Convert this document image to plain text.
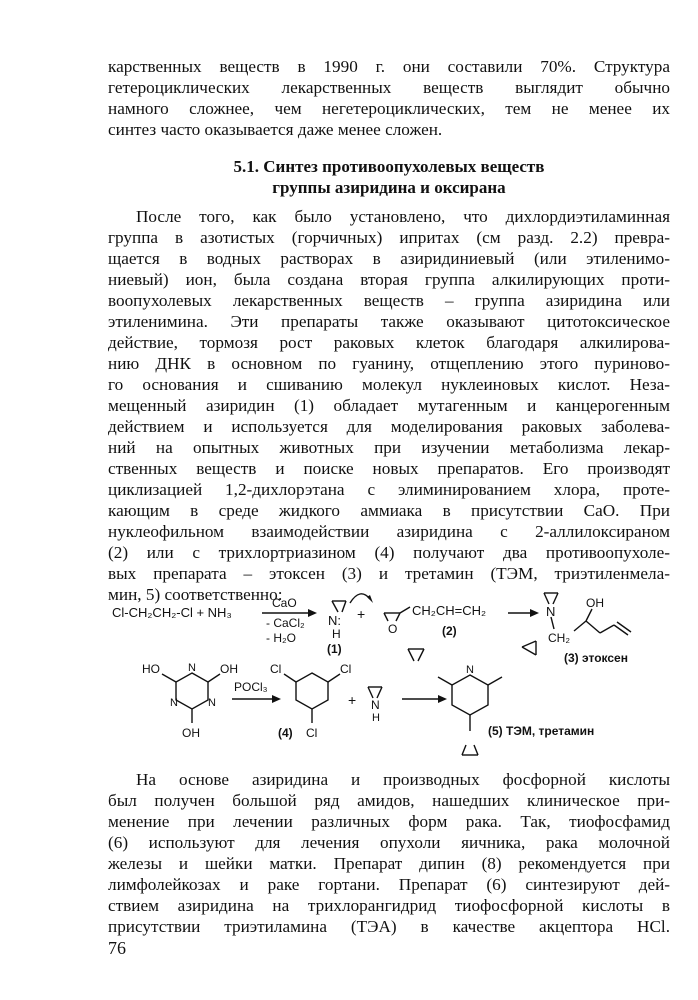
карственных веществ в 1990 г. они составили 70%. Структура
гетероциклических лекарственных веществ выглядит обычно
намного сложнее, чем негетероциклических, тем не менее их
синтез часто оказывается даже менее сложен.
5.1. Синтез противоопухолевых веществ
группы азиридина и оксирана
После того, как было установлено, что дихлордиэтиламинная
группа в азотистых (горчичных) ипритах (см разд. 2.2) превра-
щается в водных растворах в азиридиниевый (или этиленимо-
ниевый) ион, была создана вторая группа алкилирующих проти-
воопухолевых лекарственных веществ – группа азиридина или
этиленимина. Эти препараты также оказывают цитотоксическое
действие, тормозя рост раковых клеток благодаря алкилирова-
нию ДНК в основном по гуанину, отщеплению этого пуриново-
го основания и сшиванию молекул нуклеиновых кислот. Неза-
мещенный азиридин (1) обладает мутагенным и канцерогенным
действием и используется для моделирования раковых заболева-
ний на опытных животных при изучении метаболизма лекар-
ственных веществ и поиске новых препаратов. Его производят
циклизацией 1,2-дихлорэтана с элиминированием хлора, проте-
кающим в среде жидкого аммиака в присутствии CaO. При
нуклеофильном взаимодействии азиридина с 2-аллилоксираном
(2) или с трихлортриазином (4) получают два противоопухоле-
вых препарата – этоксен (3) и третамин (ТЭМ, триэтиленмела-
мин, 5) соответственно:
Cl-CH₂CH₂-Cl + NH₃
CaO
- CaCl₂
- H₂O
N:
H
(1)
+
O
CH₂CH=CH₂
(2)
N
OH
CH₂
(3) этоксен
HO	OH
OH
N
N	N
POCl₃
Cl	Cl
Cl
(4)
+ N
H
N
(5) ТЭМ, третамин
На основе азиридина и производных фосфорной кислоты
был получен большой ряд амидов, нашедших клиническое при-
менение при лечении различных форм рака. Так, тиофосфамид
(6) используют для лечения опухоли яичника, рака молочной
железы и шейки матки. Препарат дипин (8) рекомендуется при
лимфолейкозах и раке гортани. Препарат (6) синтезируют дей-
ствием азиридина на трихлорангидрид тиофосфорной кислоты в
присутствии триэтиламина (ТЭА) в качестве акцептора HCl.
76
